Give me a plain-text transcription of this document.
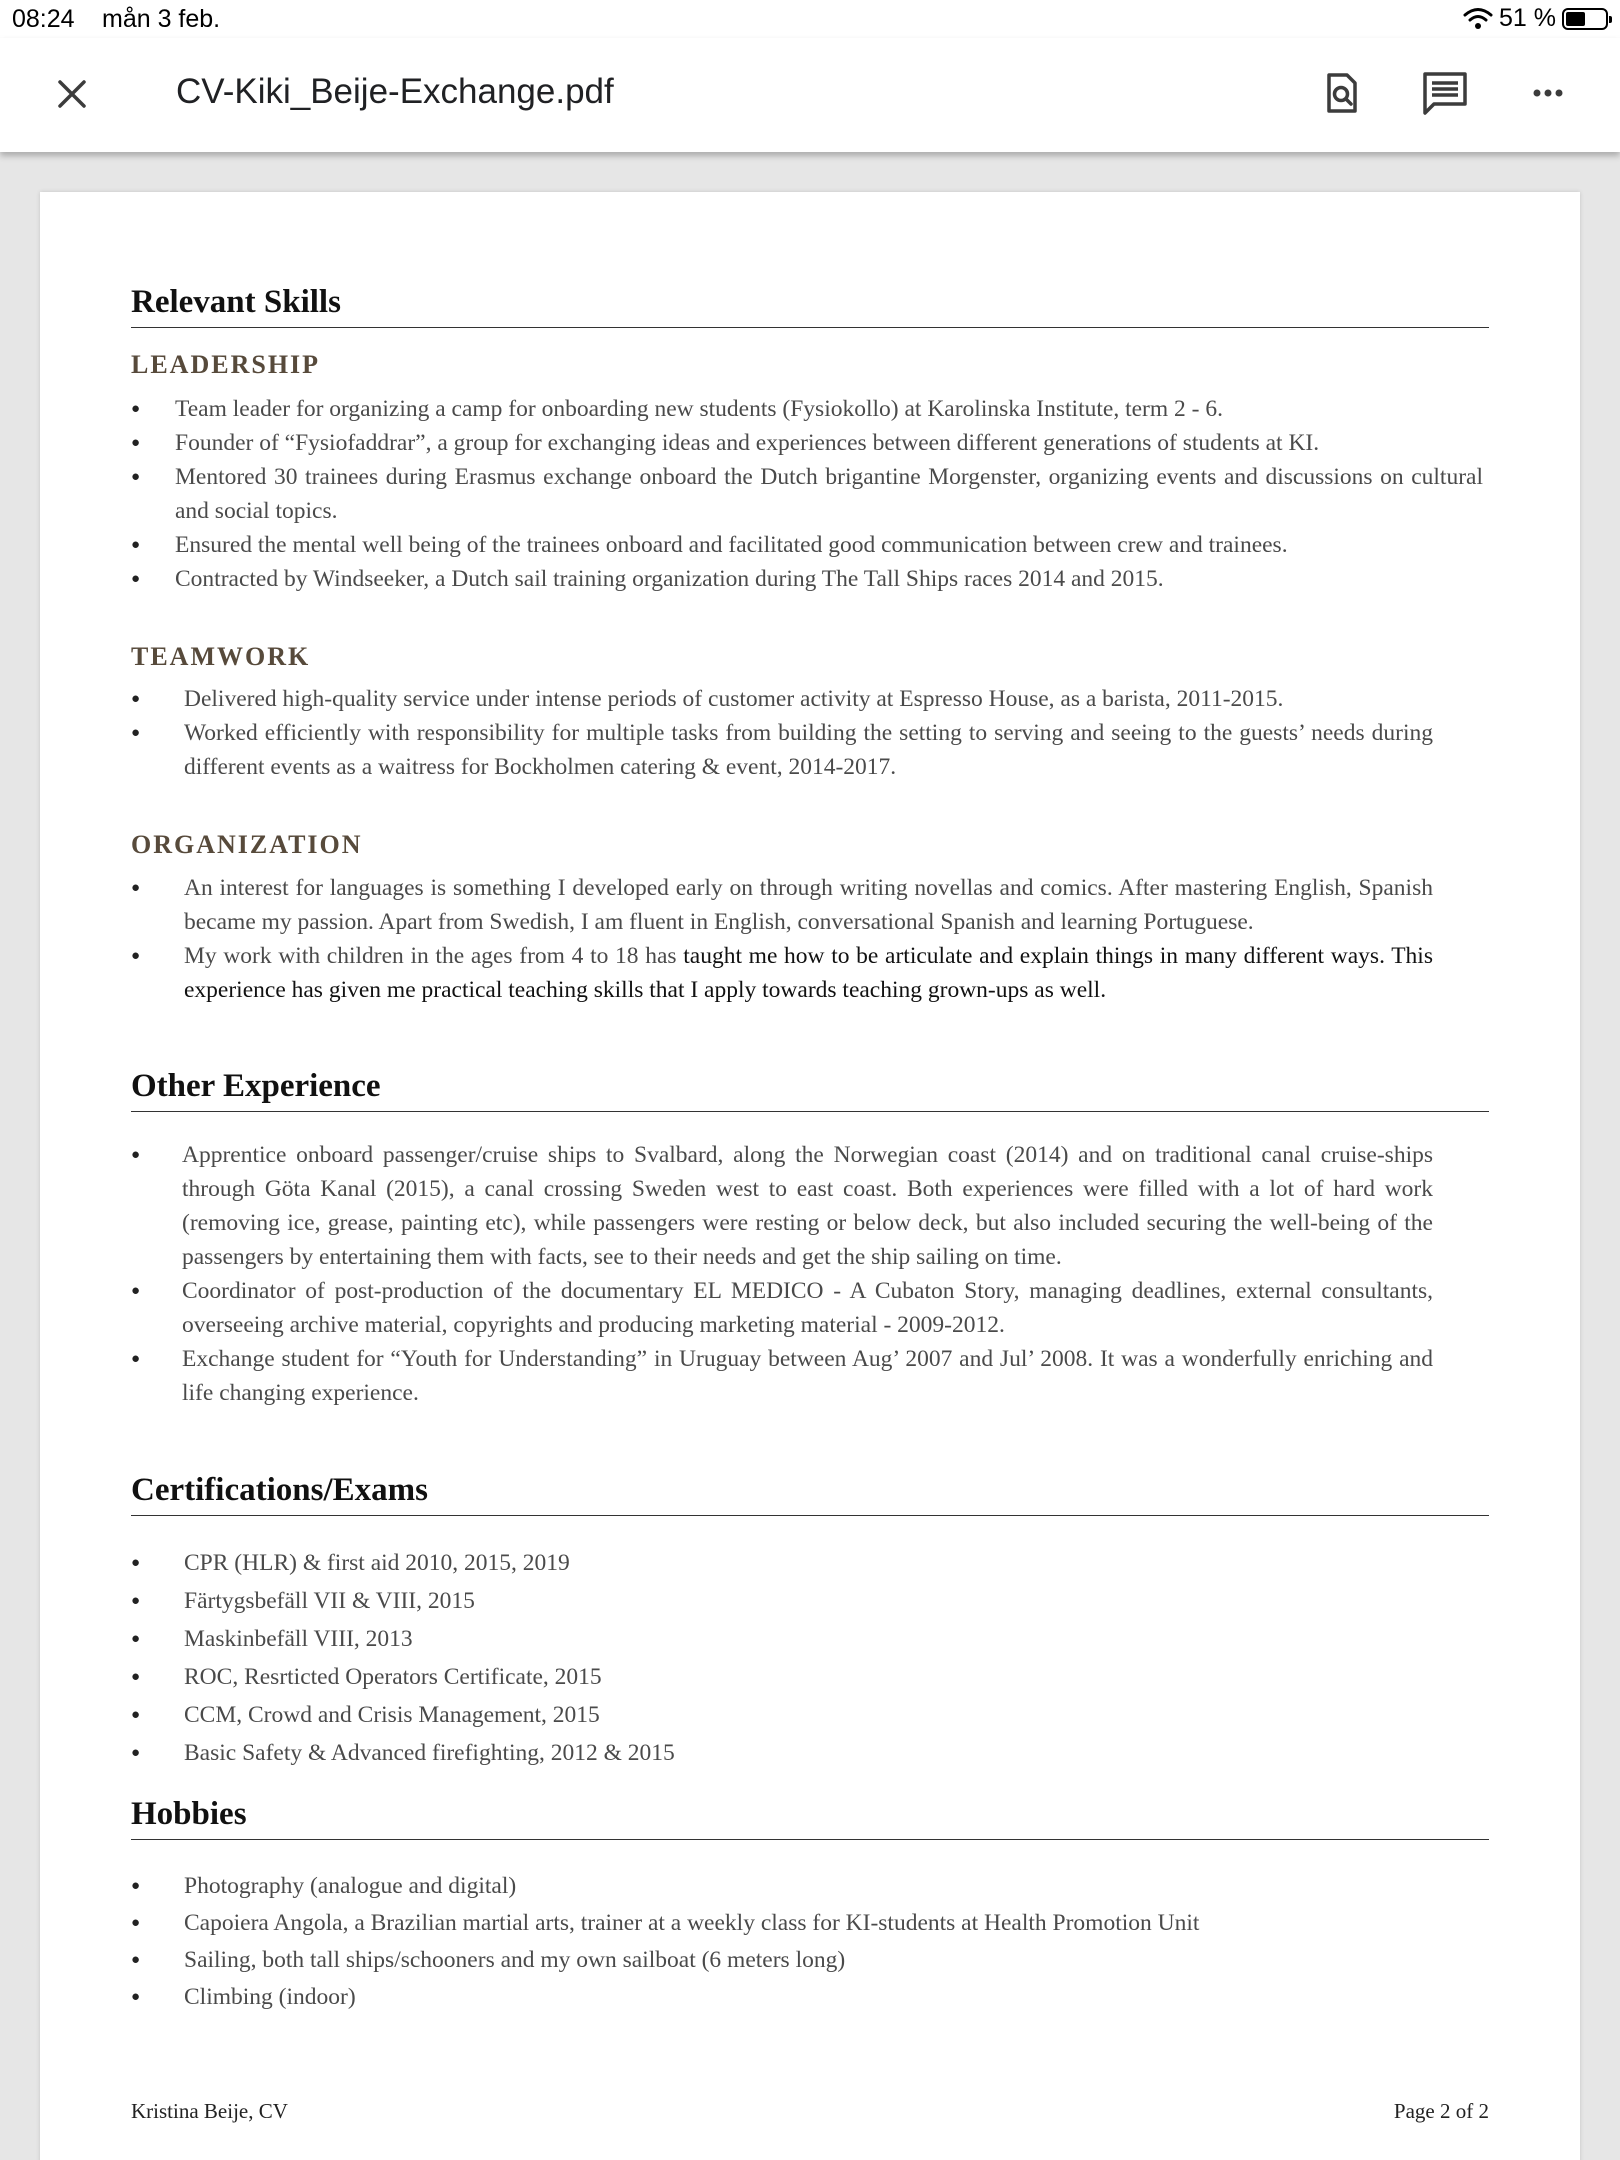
08:24 mån 3 feb.	51 %
CV-Kiki_Beije-Exchange.pdf
Relevant Skills
LEADERSHIP
● Team leader for organizing a camp for onboarding new students (Fysiokollo) at Karolinska Institute, term 2 - 6.
● Founder of “Fysiofaddrar”, a group for exchanging ideas and experiences between different generations of students at KI.
● Mentored 30 trainees during Erasmus exchange onboard the Dutch brigantine Morgenster, organizing events and discussions on cultural and social topics.
● Ensured the mental well being of the trainees onboard and facilitated good communication between crew and trainees.
● Contracted by Windseeker, a Dutch sail training organization during The Tall Ships races 2014 and 2015.
TEAMWORK
● Delivered high-quality service under intense periods of customer activity at Espresso House, as a barista, 2011-2015.
● Worked efficiently with responsibility for multiple tasks from building the setting to serving and seeing to the guests’ needs during different events as a waitress for Bockholmen catering & event, 2014-2017.
ORGANIZATION
● An interest for languages is something I developed early on through writing novellas and comics. After mastering English, Spanish became my passion. Apart from Swedish, I am fluent in English, conversational Spanish and learning Portuguese.
● My work with children in the ages from 4 to 18 has taught me how to be articulate and explain things in many different ways. This experience has given me practical teaching skills that I apply towards teaching grown-ups as well.
Other Experience
● Apprentice onboard passenger/cruise ships to Svalbard, along the Norwegian coast (2014) and on traditional canal cruise-ships through Göta Kanal (2015), a canal crossing Sweden west to east coast. Both experiences were filled with a lot of hard work (removing ice, grease, painting etc), while passengers were resting or below deck, but also included securing the well-being of the passengers by entertaining them with facts, see to their needs and get the ship sailing on time.
● Coordinator of post-production of the documentary EL MEDICO - A Cubaton Story, managing deadlines, external consultants, overseeing archive material, copyrights and producing marketing material - 2009-2012.
● Exchange student for “Youth for Understanding” in Uruguay between Aug’ 2007 and Jul’ 2008. It was a wonderfully enriching and life changing experience.
Certifications/Exams
● CPR (HLR) & first aid 2010, 2015, 2019
● Färtygsbefäll VII & VIII, 2015
● Maskinbefäll VIII, 2013
● ROC, Resrticted Operators Certificate, 2015
● CCM, Crowd and Crisis Management, 2015
● Basic Safety & Advanced firefighting, 2012 & 2015
Hobbies
● Photography (analogue and digital)
● Capoiera Angola, a Brazilian martial arts, trainer at a weekly class for KI-students at Health Promotion Unit
● Sailing, both tall ships/schooners and my own sailboat (6 meters long)
● Climbing (indoor)
Kristina Beije, CV	Page 2 of 2
